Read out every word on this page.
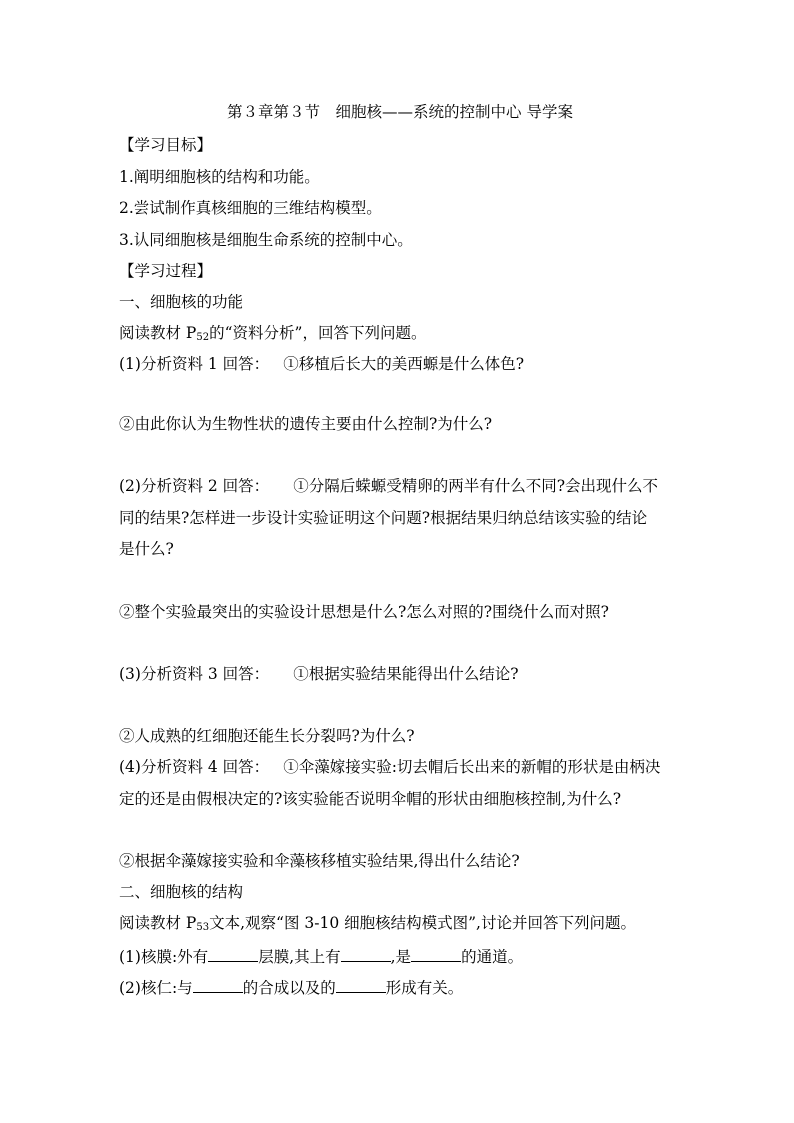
第３章第３节　细胞核——系统的控制中心 导学案
【学习目标】
1.阐明细胞核的结构和功能。
2.尝试制作真核细胞的三维结构模型。
3.认同细胞核是细胞生命系统的控制中心。
【学习过程】
一、细胞核的功能
阅读教材 $P_{52}$的“资料分析”，回答下列问题。
(1)分析资料 1 回答： ①移植后长大的美西螈是什么体色?
②由此你认为生物性状的遗传主要由什么控制?为什么?
(2)分析资料 2 回答： ①分隔后蝾螈受精卵的两半有什么不同?会出现什么不
同的结果?怎样进一步设计实验证明这个问题?根据结果归纳总结该实验的结论
是什么?
②整个实验最突出的实验设计思想是什么?怎么对照的?围绕什么而对照?
(3)分析资料 3 回答： ①根据实验结果能得出什么结论?
②人成熟的红细胞还能生长分裂吗?为什么?
(4)分析资料 4 回答： ①伞藻嫁接实验:切去帽后长出来的新帽的形状是由柄决
定的还是由假根决定的?该实验能否说明伞帽的形状由细胞核控制,为什么?
②根据伞藻嫁接实验和伞藻核移植实验结果,得出什么结论?
二、细胞核的结构
阅读教材 $P_{53}$文本,观察“图 3-10 细胞核结构模式图”,讨论并回答下列问题。
(1)核膜:外有	层膜,其上有	,是	的通道。
(2)核仁:与	的合成以及的	形成有关。
